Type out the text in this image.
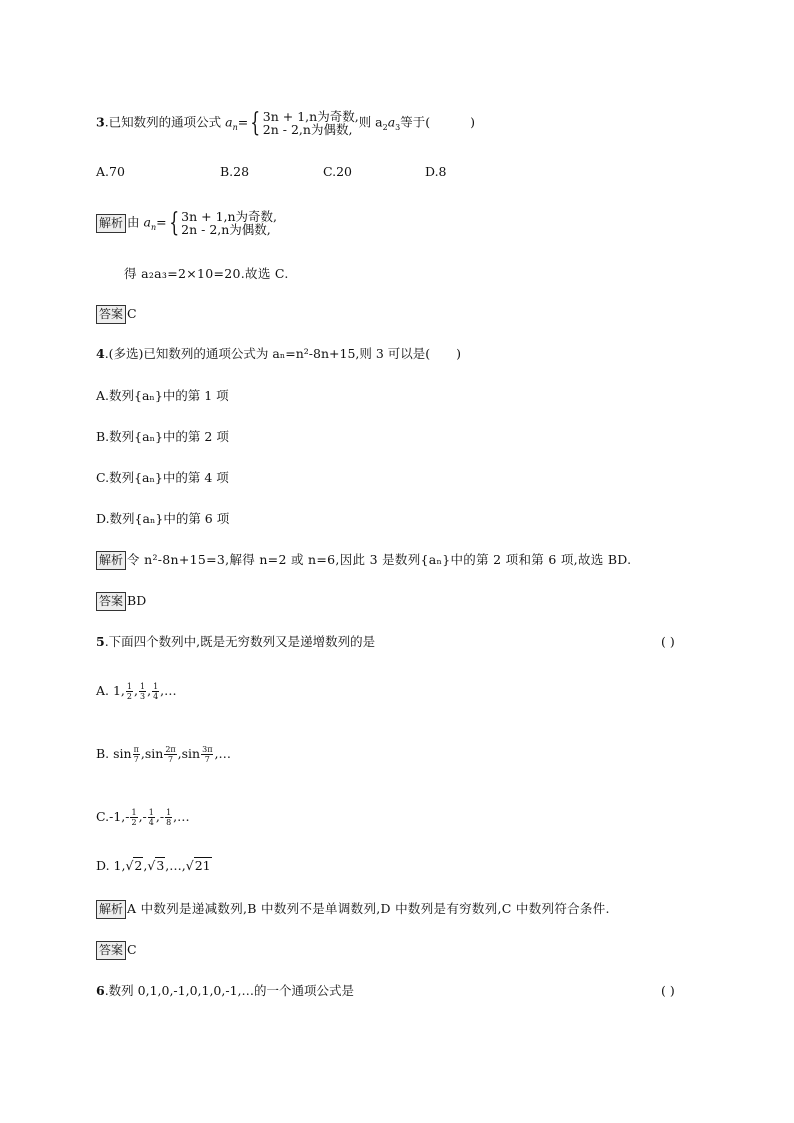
3.已知数列的通项公式 $a_n=${ 3n + 1,n为奇数,
2n - 2,n为偶数, 则 $a_2a_3$等于(	)
A.70	B.28	C.20	D.8
解析 由 $a_n=${ 3n + 1,n为奇数,
2n - 2,n为偶数,
得 a₂a₃=2×10=20.故选 C.
答案 C
4.(多选)已知数列的通项公式为 aₙ=n²-8n+15,则 3 可以是( )
A.数列{aₙ}中的第 1 项
B.数列{aₙ}中的第 2 项
C.数列{aₙ}中的第 4 项
D.数列{aₙ}中的第 6 项
解析 令 n²-8n+15=3,解得 n=2 或 n=6,因此 3 是数列{aₙ}中的第 2 项和第 6 项,故选 BD.
答案 BD
5.下面四个数列中,既是无穷数列又是递增数列的是	( )
A. 1, $\frac{1}{2}$ , $\frac{1}{3}$ , $\frac{1}{4}$ ,…
B. $\sin \frac{\pi}{7} ,\sin \frac{2\pi}{7} ,\sin \frac{3\pi}{7}$ ,…
$C.-1,- \frac{1}{2}$ ,- $\frac{1}{4}$ ,- $\frac{1}{8}$ ,…
D. 1,√2,√3,…,√21
解析 A 中数列是递减数列,B 中数列不是单调数列,D 中数列是有穷数列,C 中数列符合条件.
答案 C
6.数列 0,1,0,-1,0,1,0,-1,…的一个通项公式是	( )
